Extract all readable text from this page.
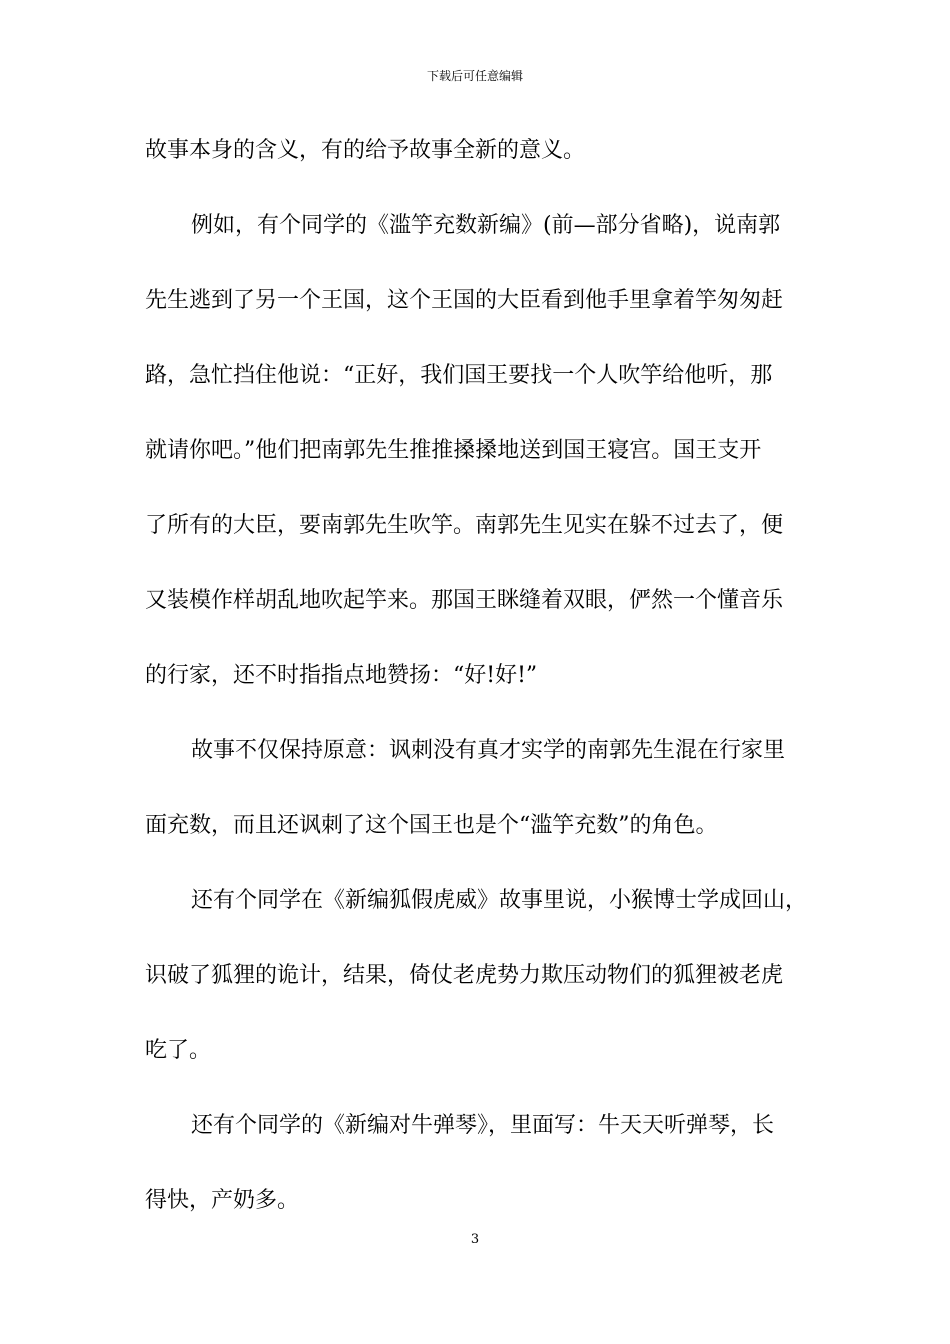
下载后可任意编辑
故事本身的含义，有的给予故事全新的意义。
例如，有个同学的《滥竽充数新编》(前—部分省略)，说南郭
先生逃到了另一个王国，这个王国的大臣看到他手里拿着竽匆匆赶
路，急忙挡住他说：“正好，我们国王要找一个人吹竽给他听，那
就请你吧。”他们把南郭先生推推搡搡地送到国王寝宫。国王支开
了所有的大臣，要南郭先生吹竽。南郭先生见实在躲不过去了，便
又装模作样胡乱地吹起竽来。那国王眯缝着双眼，俨然一个懂音乐
的行家，还不时指指点地赞扬：“好!好!”
故事不仅保持原意：讽刺没有真才实学的南郭先生混在行家里
面充数，而且还讽刺了这个国王也是个“滥竽充数”的角色。
还有个同学在《新编狐假虎威》故事里说，小猴博士学成回山，
识破了狐狸的诡计，结果，倚仗老虎势力欺压动物们的狐狸被老虎
吃了。
还有个同学的《新编对牛弹琴》，里面写：牛天天听弹琴，长
得快，产奶多。
3
